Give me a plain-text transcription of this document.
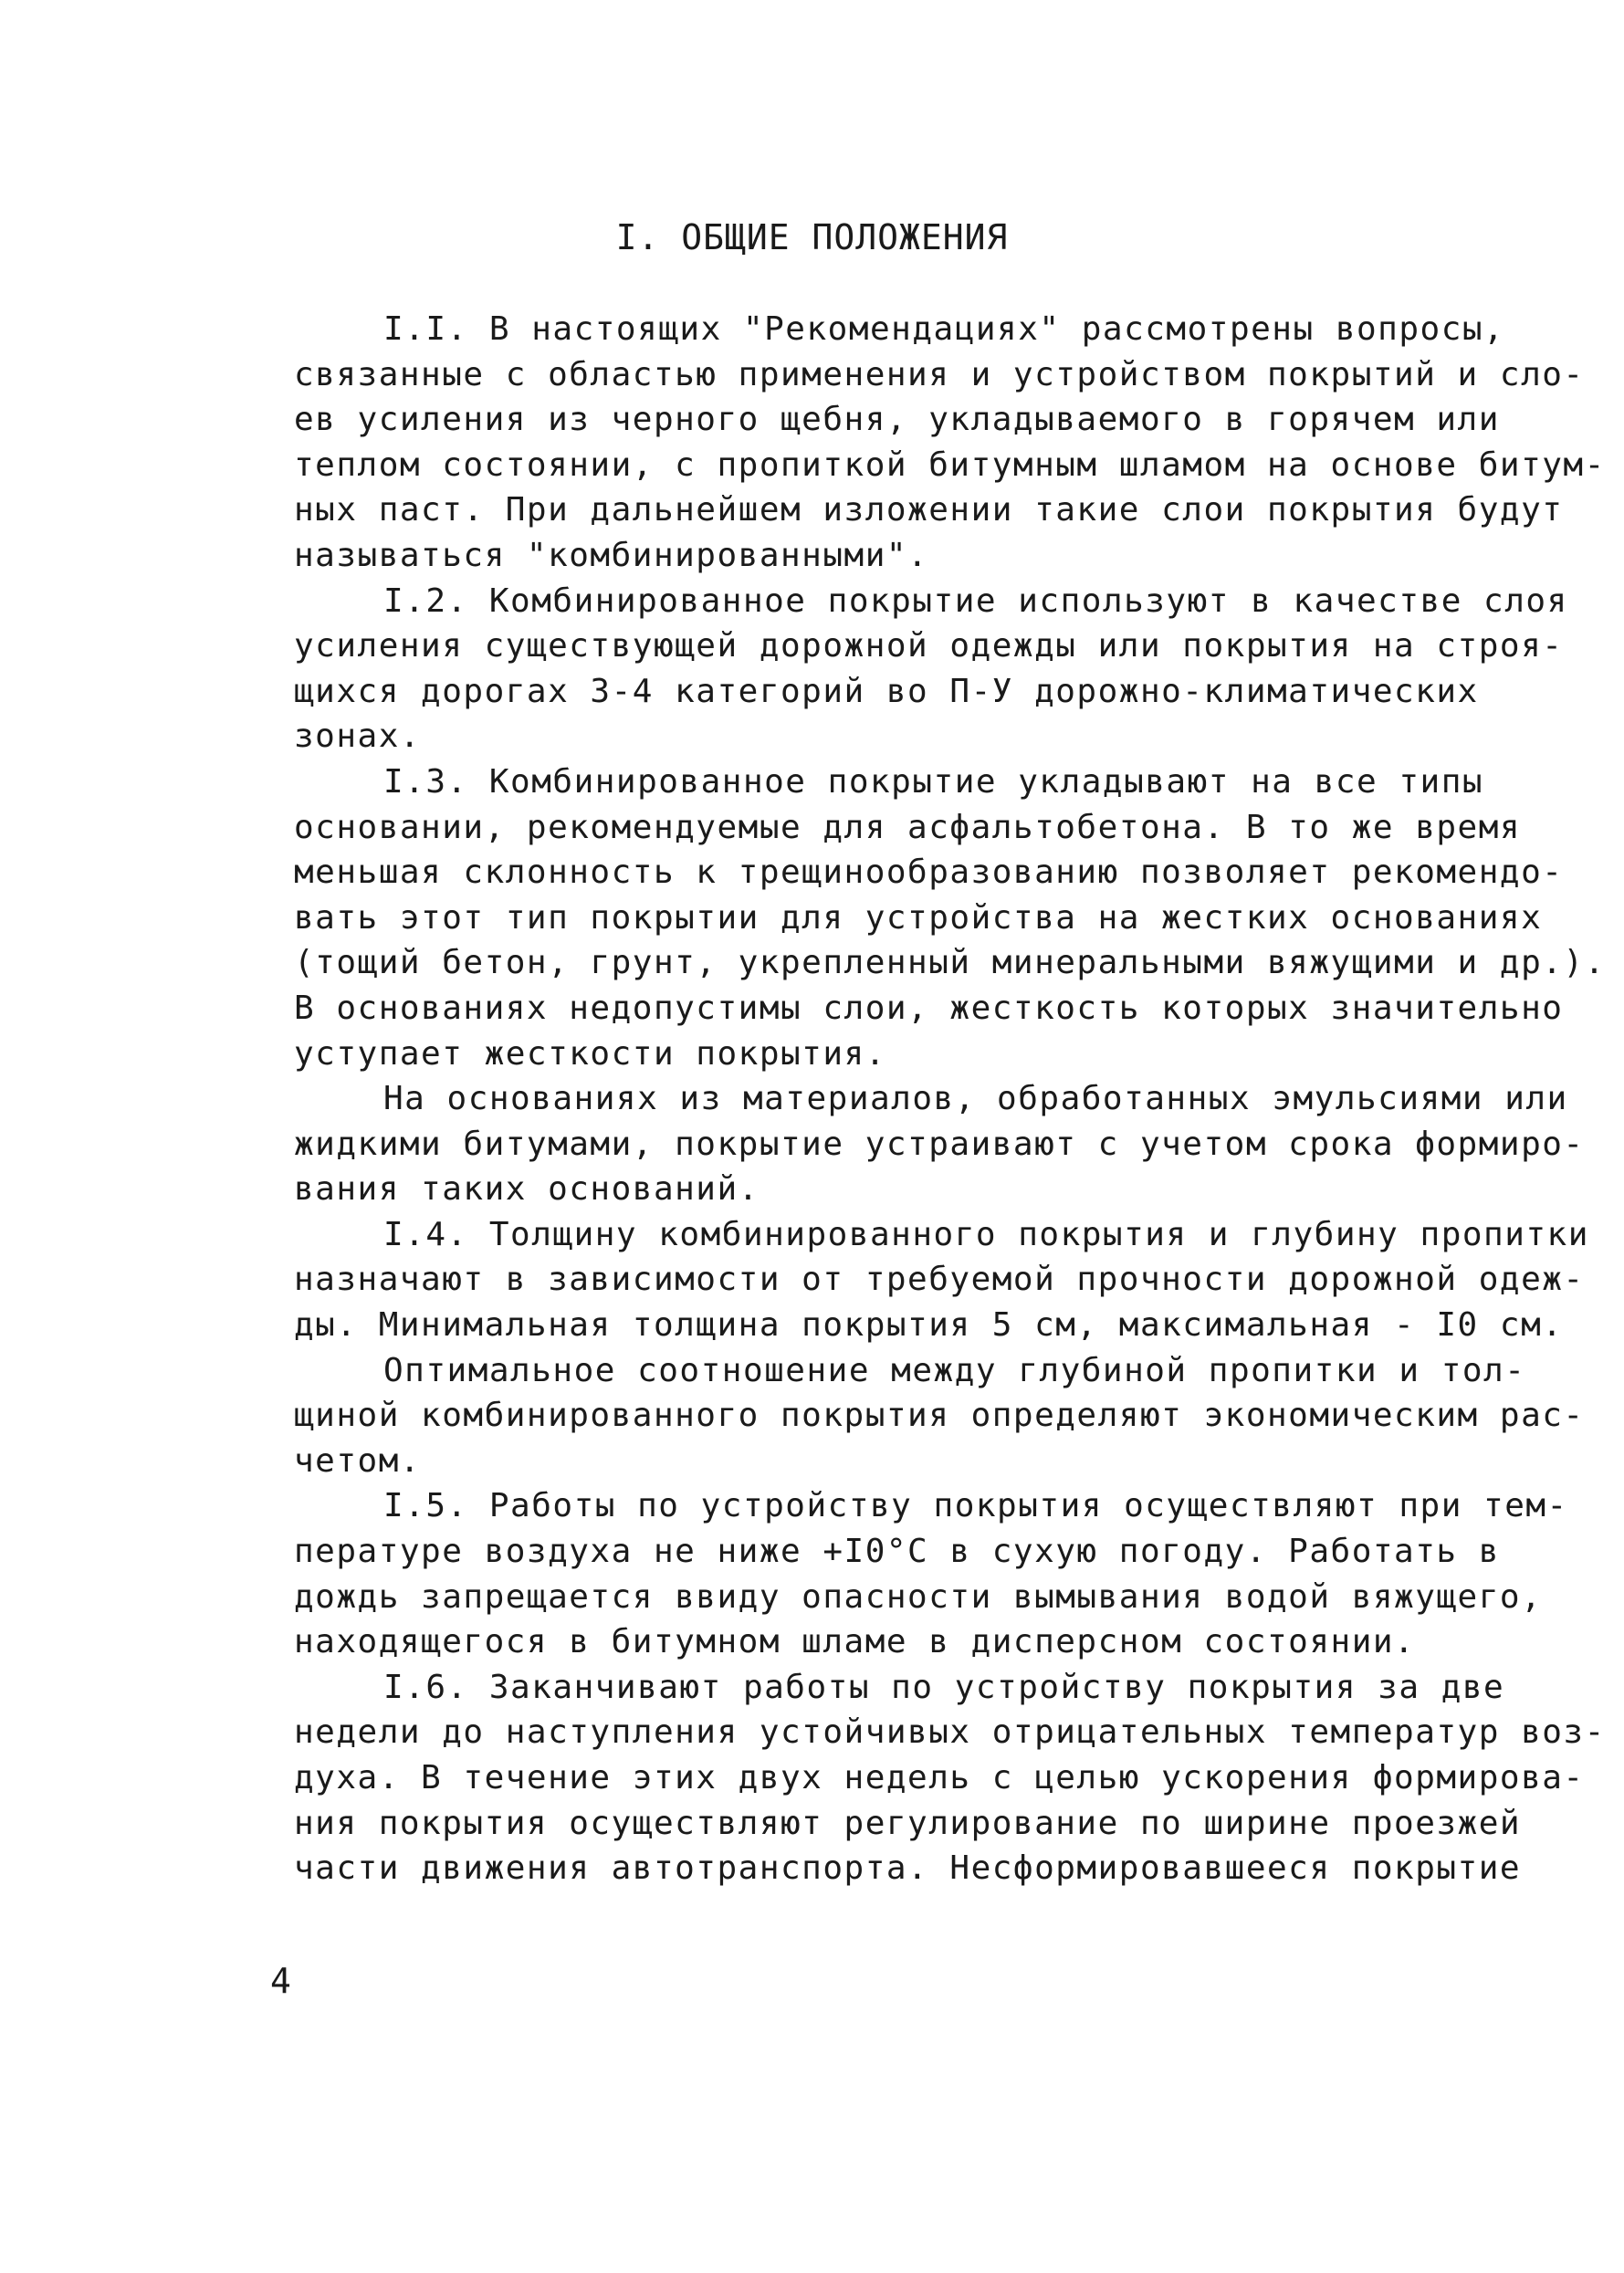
I. ОБЩИЕ ПОЛОЖЕНИЯ
I.I. В настоящих "Рекомендациях" рассмотрены вопросы,
связанные с областью применения и устройством покрытий и сло-
ев усиления из черного щебня, укладываемого в горячем или
теплом состоянии, с пропиткой битумным шламом на основе битум-
ных паст. При дальнейшем изложении такие слои покрытия будут
называться "комбинированными".
I.2. Комбинированное покрытие используют в качестве слоя
усиления существующей дорожной одежды или покрытия на строя-
щихся дорогах 3-4 категорий во П-У дорожно-климатических
зонах.
I.3. Комбинированное покрытие укладывают на все типы
основании, рекомендуемые для асфальтобетона. В то же время
меньшая склонность к трещинообразованию позволяет рекомендо-
вать этот тип покрытии для устройства на жестких основаниях
(тощий бетон, грунт, укрепленный минеральными вяжущими и др.).
В основаниях недопустимы слои, жесткость которых значительно
уступает жесткости покрытия.
На основаниях из материалов, обработанных эмульсиями или
жидкими битумами, покрытие устраивают с учетом срока формиро-
вания таких оснований.
I.4. Толщину комбинированного покрытия и глубину пропитки
назначают в зависимости от требуемой прочности дорожной одеж-
ды. Минимальная толщина покрытия 5 см, максимальная - I0 см.
Оптимальное соотношение между глубиной пропитки и тол-
щиной комбинированного покрытия определяют экономическим рас-
четом.
I.5. Работы по устройству покрытия осуществляют при тем-
пературе воздуха не ниже +I0°С в сухую погоду. Работать в
дождь запрещается ввиду опасности вымывания водой вяжущего,
находящегося в битумном шламе в дисперсном состоянии.
I.6. Заканчивают работы по устройству покрытия за две
недели до наступления устойчивых отрицательных температур воз-
духа. В течение этих двух недель с целью ускорения формирова-
ния покрытия осуществляют регулирование по ширине проезжей
части движения автотранспорта. Несформировавшееся покрытие
4
